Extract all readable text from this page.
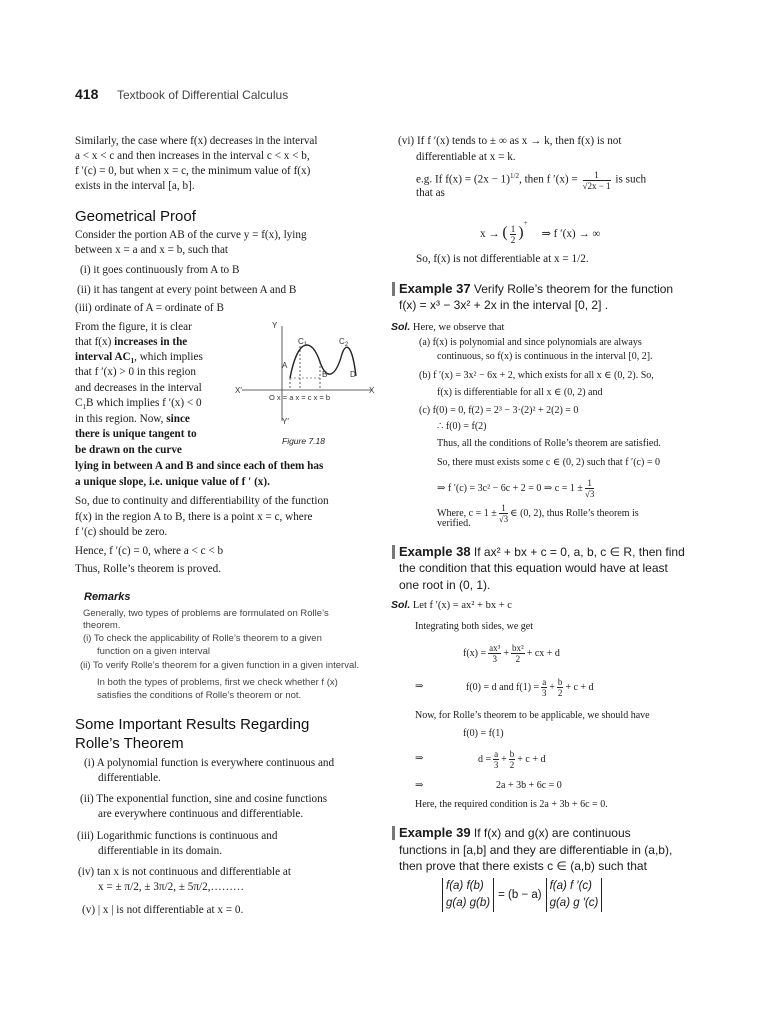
418 Textbook of Differential Calculus
Similarly, the case where f(x) decreases in the interval
a < x < c and then increases in the interval c < x < b,
f ′(c) = 0, but when x = c, the minimum value of f(x)
exists in the interval [a, b].
Geometrical Proof
Consider the portion AB of the curve y = f(x), lying
between x = a and x = b, such that
(i) it goes continuously from A to B
(ii) it has tangent at every point between A and B
(iii) ordinate of A = ordinate of B
From the figure, it is clear
that f(x) increases in the
interval $AC_1$, which implies
that f ′(x) > 0 in this region
and decreases in the interval
$C_1B$ which implies f ′(x) < 0
in this region. Now, since
there is unique tangent to
be drawn on the curve
lying in between A and B and since each of them has
a unique slope, i.e. unique value of f ′ (x).
Y
Y′
X′	X
$C_1$	$C_2$
A
B	D
O x = a x = c x = b
Figure 7.18
So, due to continuity and differentiability of the function
f(x) in the region A to B, there is a point x = c, where
f ′(c) should be zero.
Hence, f ′(c) = 0, where a < c < b
Thus, Rolle’s theorem is proved.
Remarks
Generally, two types of problems are formulated on Rolle’s
theorem.
(i) To check the applicability of Rolle’s theorem to a given
function on a given interval
(ii) To verify Rolle’s theorem for a given function in a given interval.
In both the types of problems, first we check whether f (x)
satisfies the conditions of Rolle’s theorem or not.
Some Important Results Regarding
Rolle’s Theorem
(i) A polynomial function is everywhere continuous and
differentiable.
(ii) The exponential function, sine and cosine functions
are everywhere continuous and differentiable.
(iii) Logarithmic functions is continuous and
differentiable in its domain.
(iv) tan x is not continuous and differentiable at
x = ± π/2, ± 3π/2, ± 5π/2,………
(v) | x | is not differentiable at x = 0.
(vi) If f ′(x) tends to ± ∞ as x → k, then f(x) is not
differentiable at x = k.
e.g. If $f(x) = (2x - 1)^{1/2}$, then f $'(x) = \frac{1}{√2x - 1}$ is such
that as
x → ( $\frac{1}{2} )^+$     ⇒ f ′(x) → ∞
So, f(x) is not differentiable at x = 1/2.
Example 37 Verify Rolle’s theorem for the function
f(x) = x³ − 3x² + 2x in the interval [0, 2] .
Sol. Here, we observe that
(a) f(x) is polynomial and since polynomials are always
continuous, so f(x) is continuous in the interval [0, 2].
(b) f ′(x) = 3x² − 6x + 2, which exists for all x ∈ (0, 2). So,
f(x) is differentiable for all x ∈ (0, 2) and
(c) f(0) = 0, f(2) = 2³ − 3·(2)² + 2(2) = 0
∴ f(0) = f(2)
Thus, all the conditions of Rolle’s theorem are satisfied.
So, there must exists some c ∈ (0, 2) such that f ′(c) = 0
⇒ f ′(c) = 3c² − 6c + 2 = 0 ⇒ $c = 1 \pm \frac{1}{√3}$
Where, $c = 1 \pm \frac{1}{√3}$ ∈ (0, 2), thus Rolle’s theorem is
verified.
Example 38 If ax² + bx + c = 0, a, b, c ∈ R, then find
the condition that this equation would have at least
one root in (0, 1).
Sol. Let f ′(x) = ax² + bx + c
Integrating both sides, we get
$f(x) = \frac{\text{ax³}}{3} + \frac{\text{bx²}}{2}$ + cx + d
⇒	f(0) = d and $f(1) = \frac{a}{3} + \frac{b}{2} + c + d$
Now, for Rolle’s theorem to be applicable, we should have
f(0) = f(1)
⇒	$d = \frac{a}{3} + \frac{b}{2} + c + d$
⇒	2a + 3b + 6c = 0
Here, the required condition is 2a + 3b + 6c = 0.
Example 39 If f(x) and g(x) are continuous
functions in [a,b] and they are differentiable in (a,b),
then prove that there exists c ∈ (a,b) such that
f(a) f(b)
g(a) g(b)
= (b − a)
f(a) f ′(c)
g(a) g ′(c)
